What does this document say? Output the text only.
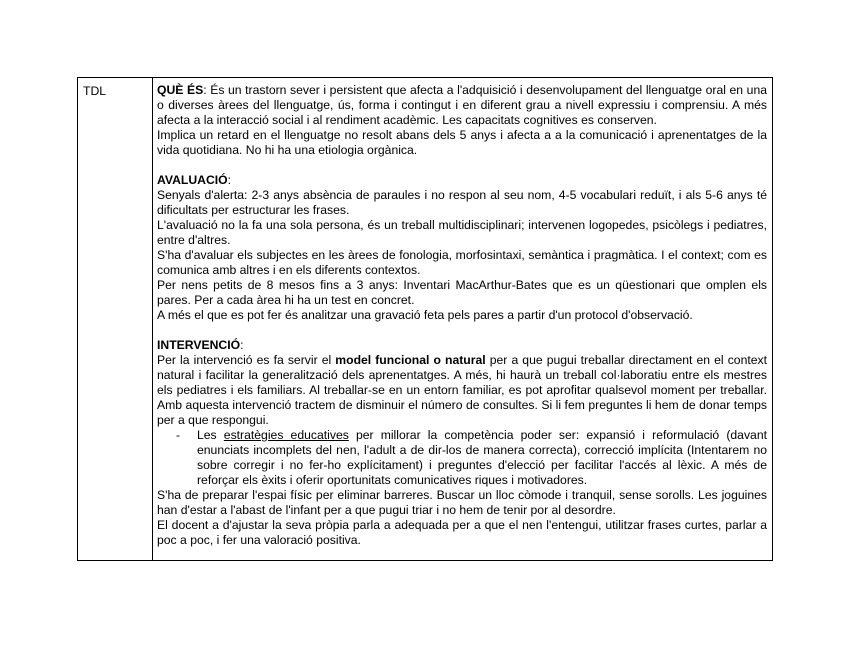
TDL	QUÈ ÉS: És un trastorn sever i persistent que afecta a l'adquisició i desenvolupament del llenguatge oral en una o diverses àrees del llenguatge, ús, forma i contingut i en diferent grau a nivell expressiu i comprensiu. A més afecta a la interacció social i al rendiment acadèmic. Les capacitats cognitives es conserven.

Implica un retard en el llenguatge no resolt abans dels 5 anys i afecta a a la comunicació i aprenentatges de la vida quotidiana. No hi ha una etiologia orgànica.

AVALUACIÓ:

Senyals d'alerta: 2-3 anys absència de paraules i no respon al seu nom, 4-5 vocabulari reduït, i als 5-6 anys té dificultats per estructurar les frases.

L'avaluació no la fa una sola persona, és un treball multidisciplinari; intervenen logopedes, psicòlegs i pediatres, entre d'altres.

S'ha d'avaluar els subjectes en les àrees de fonologia, morfosintaxi, semàntica i pragmàtica. I el context; com es comunica amb altres i en els diferents contextos.

Per nens petits de 8 mesos fins a 3 anys: Inventari MacArthur-Bates que es un qüestionari que omplen els pares. Per a cada àrea hi ha un test en concret.

A més el que es pot fer és analitzar una gravació feta pels pares a partir d'un protocol d'observació.

INTERVENCIÓ:

Per la intervenció es fa servir el model funcional o natural per a que pugui treballar directament en el context natural i facilitar la generalització dels aprenentatges. A més, hi haurà un treball col·laboratiu entre els mestres els pediatres i els familiars. Al treballar-se en un entorn familiar, es pot aprofitar qualsevol moment per treballar. Amb aquesta intervenció tractem de disminuir el número de consultes. Si li fem preguntes li hem de donar temps per a que respongui.

- Les estratègies educatives per millorar la competència poder ser: expansió i reformulació (davant enunciats incomplets del nen, l'adult a de dir-los de manera correcta), correcció implícita (Intentarem no sobre corregir i no fer-ho explícitament) i preguntes d'elecció per facilitar l'accés al lèxic. A més de reforçar els èxits i oferir oportunitats comunicatives riques i motivadores.

S'ha de preparar l'espai físic per eliminar barreres. Buscar un lloc còmode i tranquil, sense sorolls. Les joguines han d'estar a l'abast de l'infant per a que pugui triar i no hem de tenir por al desordre.

El docent a d'ajustar la seva pròpia parla a adequada per a que el nen l'entengui, utilitzar frases curtes, parlar a poc a poc, i fer una valoració positiva.
